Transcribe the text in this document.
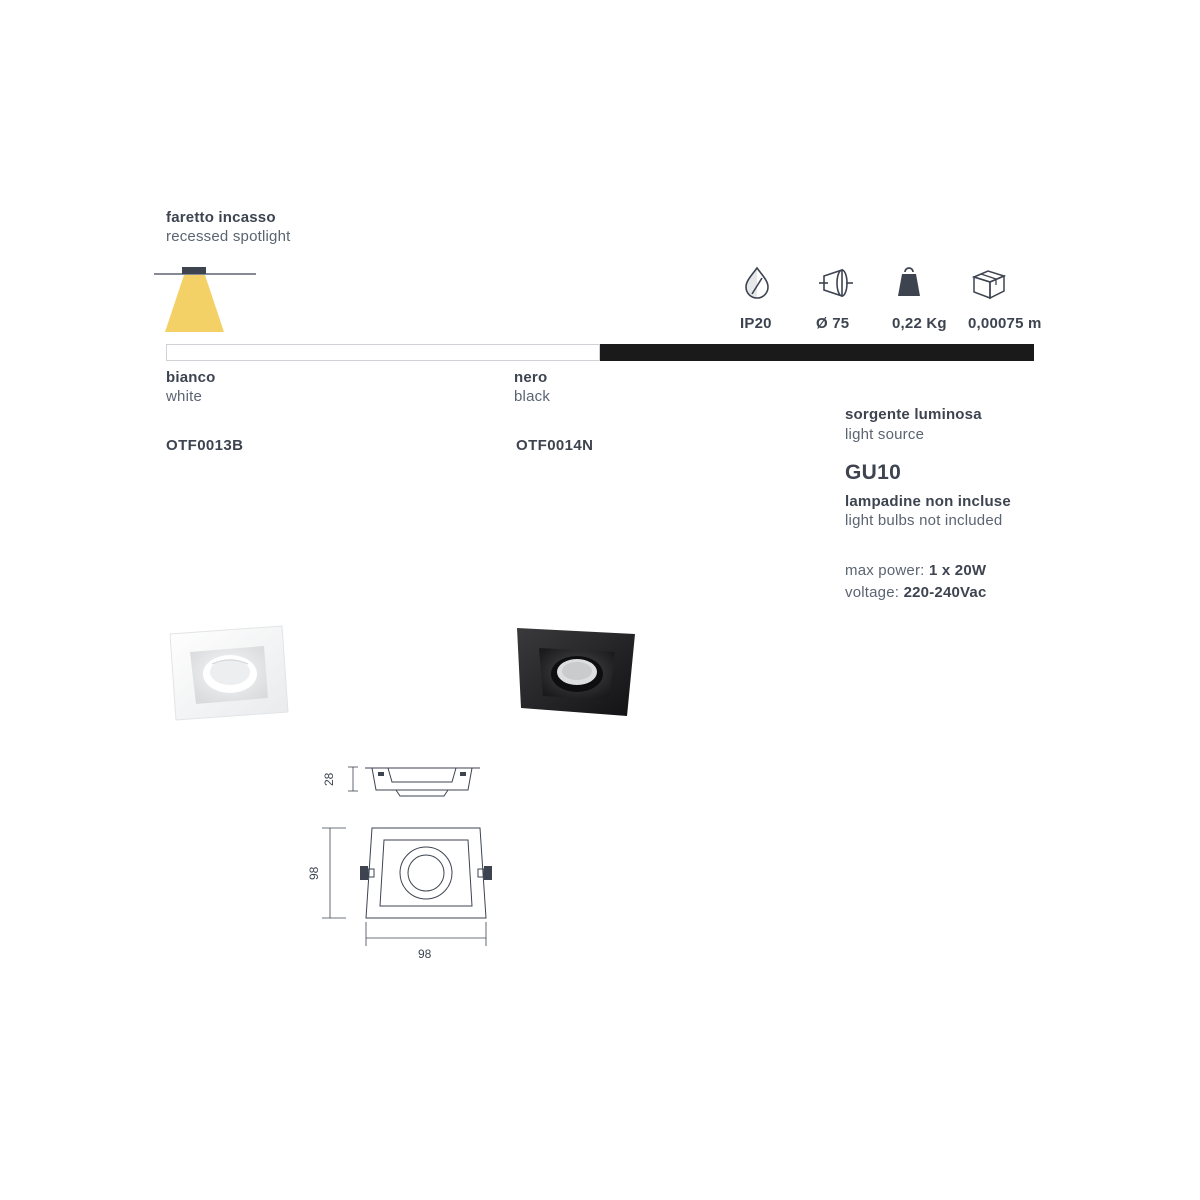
faretto incasso
recessed spotlight
IP20	Ø 75	0,22 Kg	0,00075 m
bianco
white
nero
black
OTF0013B	OTF0014N
sorgente luminosa
light source
GU10
lampadine non incluse
light bulbs not included
max power: 1 x 20W
voltage: 220-240Vac
28
98
98
